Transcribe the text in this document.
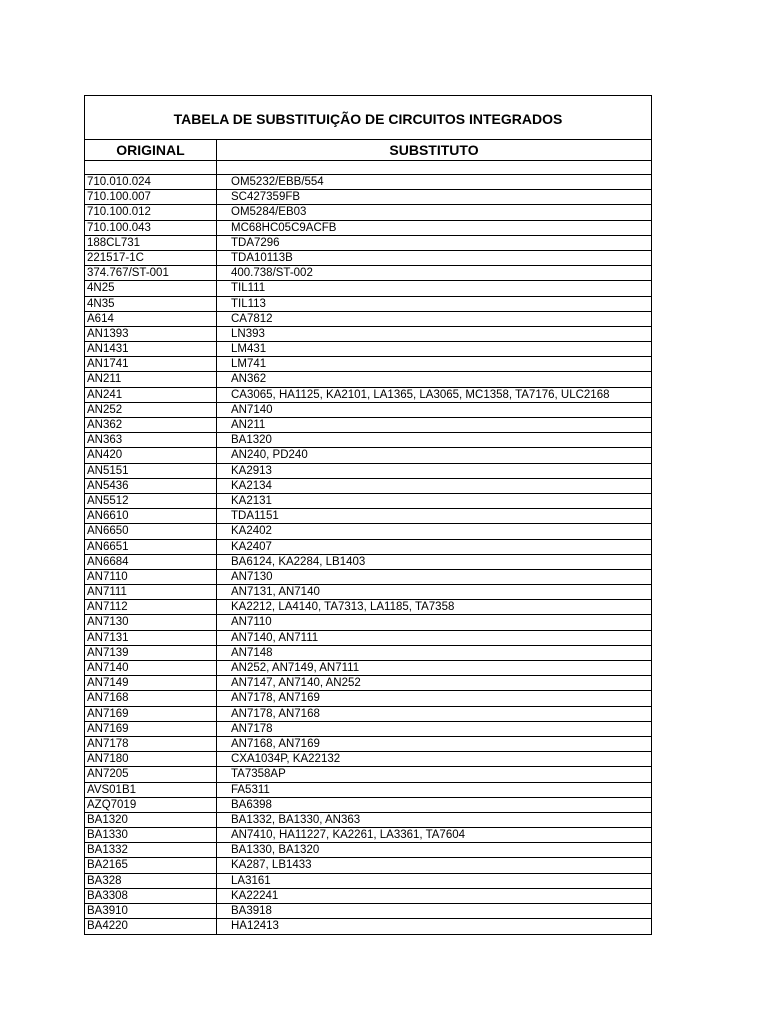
TABELA DE SUBSTITUIÇÃO DE CIRCUITOS INTEGRADOS
ORIGINAL	SUBSTITUTO
710.010.024	OM5232/EBB/554
710.100.007	SC427359FB
710.100.012	OM5284/EB03
710.100.043	MC68HC05C9ACFB
188CL731	TDA7296
221517-1C	TDA10113B
374.767/ST-001	400.738/ST-002
4N25	TIL111
4N35	TIL113
A614	CA7812
AN1393	LN393
AN1431	LM431
AN1741	LM741
AN211	AN362
AN241	CA3065, HA1125, KA2101, LA1365, LA3065, MC1358, TA7176, ULC2168
AN252	AN7140
AN362	AN211
AN363	BA1320
AN420	AN240, PD240
AN5151	KA2913
AN5436	KA2134
AN5512	KA2131
AN6610	TDA1151
AN6650	KA2402
AN6651	KA2407
AN6684	BA6124, KA2284, LB1403
AN7110	AN7130
AN7111	AN7131, AN7140
AN7112	KA2212, LA4140, TA7313, LA1185, TA7358
AN7130	AN7110
AN7131	AN7140, AN7111
AN7139	AN7148
AN7140	AN252, AN7149, AN7111
AN7149	AN7147, AN7140, AN252
AN7168	AN7178, AN7169
AN7169	AN7178, AN7168
AN7169	AN7178
AN7178	AN7168, AN7169
AN7180	CXA1034P, KA22132
AN7205	TA7358AP
AVS01B1	FA5311
AZQ7019	BA6398
BA1320	BA1332, BA1330, AN363
BA1330	AN7410, HA11227, KA2261, LA3361, TA7604
BA1332	BA1330, BA1320
BA2165	KA287, LB1433
BA328	LA3161
BA3308	KA22241
BA3910	BA3918
BA4220	HA12413
